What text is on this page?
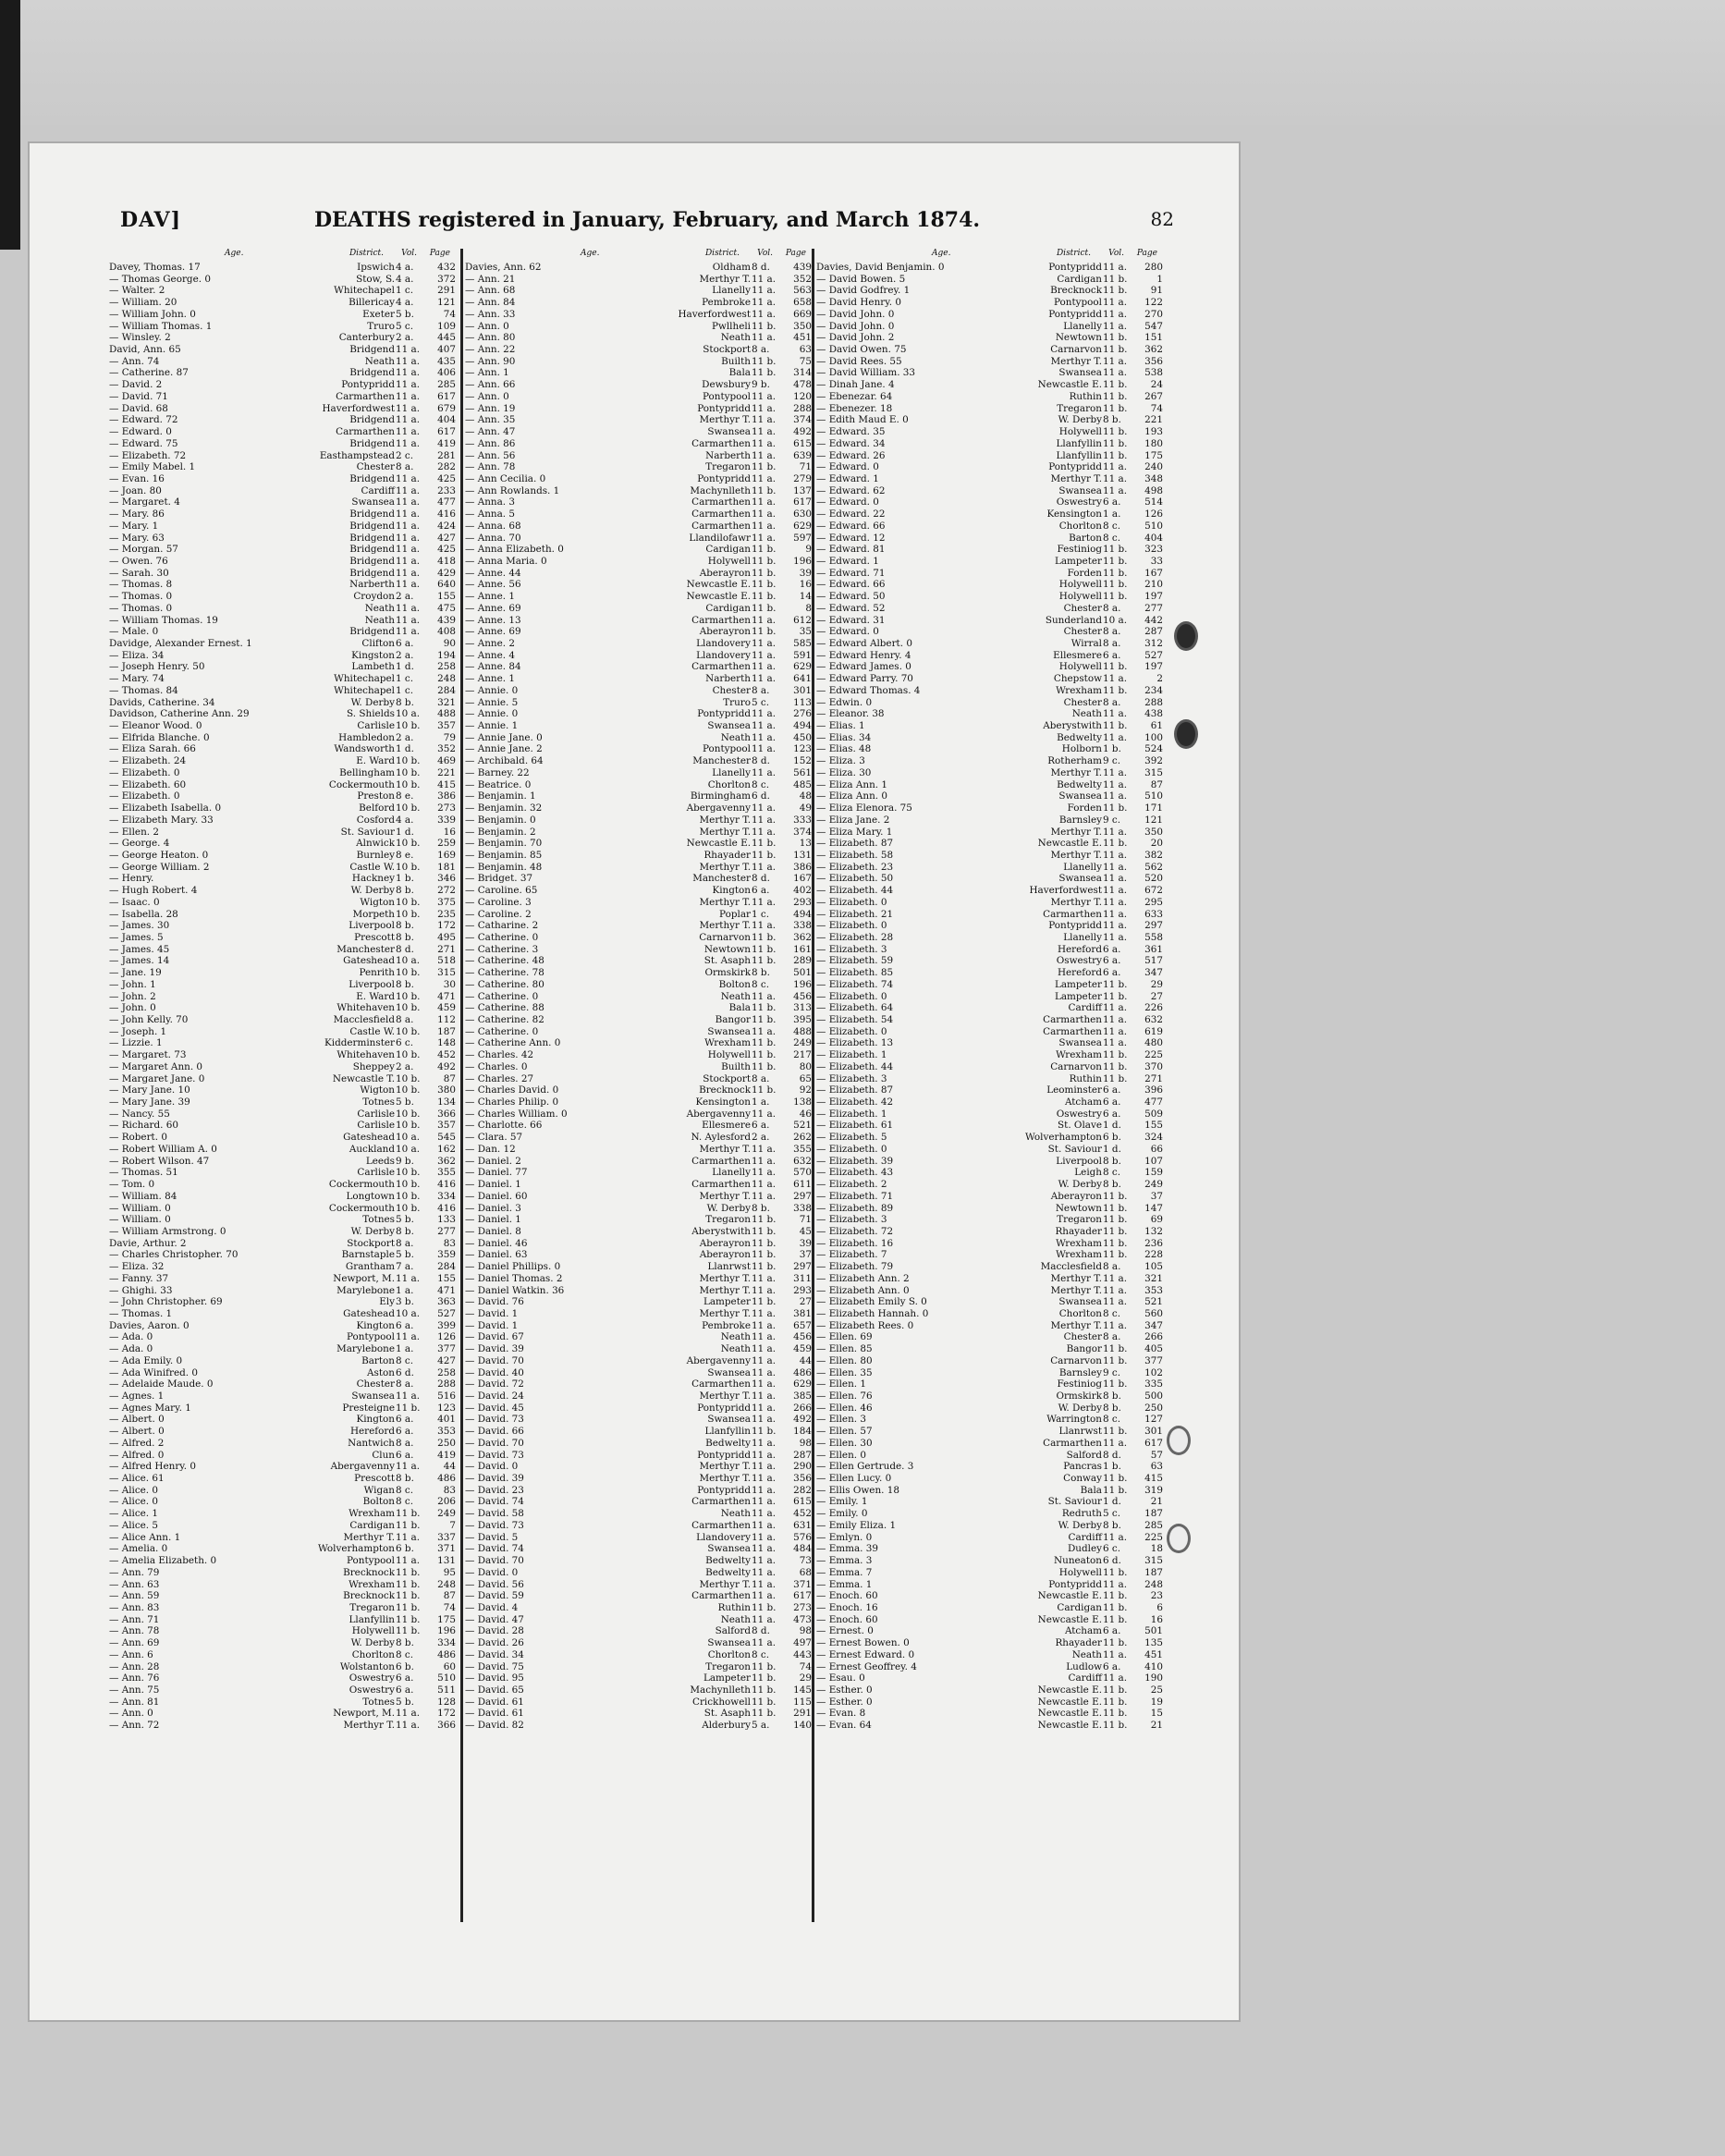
DAV]	DEATHS registered in January, February, and March 1874.	82
Age.	District. Vol. Page
Davey, Thomas. 17	Ipswich 4 a.	432
— Thomas George. 0	Stow, S. 4 a.	372
— Walter. 2	Whitechapel 1 c.	291
— William. 20	Billericay 4 a.	121
— William John. 0	Exeter 5 b.	74
— William Thomas. 1	Truro 5 c.	109
— Winsley. 2	Canterbury 2 a.	445
David, Ann. 65	Bridgend 11 a.	407
— Ann. 74	Neath 11 a.	435
— Catherine. 87	Bridgend 11 a.	406
— David. 2	Pontypridd 11 a.	285
— David. 71	Carmarthen 11 a.	617
— David. 68	Haverfordwest 11 a.	679
— Edward. 72	Bridgend 11 a.	404
— Edward. 0	Carmarthen 11 a.	617
— Edward. 75	Bridgend 11 a.	419
— Elizabeth. 72	Easthampstead 2 c.	281
— Emily Mabel. 1	Chester 8 a.	282
— Evan. 16	Bridgend 11 a.	425
— Joan. 80	Cardiff 11 a.	233
— Margaret. 4	Swansea 11 a.	477
— Mary. 86	Bridgend 11 a.	416
— Mary. 1	Bridgend 11 a.	424
— Mary. 63	Bridgend 11 a.	427
— Morgan. 57	Bridgend 11 a.	425
— Owen. 76	Bridgend 11 a.	418
— Sarah. 30	Bridgend 11 a.	429
— Thomas. 8	Narberth 11 a.	640
— Thomas. 0	Croydon 2 a.	155
— Thomas. 0	Neath 11 a.	475
— William Thomas. 19	Neath 11 a.	439
— Male. 0	Bridgend 11 a.	408
Davidge, Alexander Ernest. 1	Clifton 6 a.	90
— Eliza. 34	Kingston 2 a.	194
— Joseph Henry. 50	Lambeth 1 d.	258
— Mary. 74	Whitechapel 1 c.	248
— Thomas. 84	Whitechapel 1 c.	284
Davids, Catherine. 34	W. Derby 8 b.	321
Davidson, Catherine Ann. 29	S. Shields 10 a.	488
— Eleanor Wood. 0	Carlisle 10 b.	357
— Elfrida Blanche. 0	Hambledon 2 a.	79
— Eliza Sarah. 66	Wandsworth 1 d.	352
— Elizabeth. 24	E. Ward 10 b.	469
— Elizabeth. 0	Bellingham 10 b.	221
— Elizabeth. 60	Cockermouth 10 b.	415
— Elizabeth. 0	Preston 8 e.	386
— Elizabeth Isabella. 0	Belford 10 b.	273
— Elizabeth Mary. 33	Cosford 4 a.	339
— Ellen. 2	St. Saviour 1 d.	16
— George. 4	Alnwick 10 b.	259
— George Heaton. 0	Burnley 8 e.	169
— George William. 2	Castle W. 10 b.	181
— Henry.	Hackney 1 b.	346
— Hugh Robert. 4	W. Derby 8 b.	272
— Isaac. 0	Wigton 10 b.	375
— Isabella. 28	Morpeth 10 b.	235
— James. 30	Liverpool 8 b.	172
— James. 5	Prescott 8 b.	495
— James. 45	Manchester 8 d.	271
— James. 14	Gateshead 10 a.	518
— Jane. 19	Penrith 10 b.	315
— John. 1	Liverpool 8 b.	30
— John. 2	E. Ward 10 b.	471
— John. 0	Whitehaven 10 b.	459
— John Kelly. 70	Macclesfield 8 a.	112
— Joseph. 1	Castle W. 10 b.	187
— Lizzie. 1	Kidderminster 6 c.	148
— Margaret. 73	Whitehaven 10 b.	452
— Margaret Ann. 0	Sheppey 2 a.	492
— Margaret Jane. 0	Newcastle T. 10 b.	87
— Mary Jane. 10	Wigton 10 b.	380
— Mary Jane. 39	Totnes 5 b.	134
— Nancy. 55	Carlisle 10 b.	366
— Richard. 60	Carlisle 10 b.	357
— Robert. 0	Gateshead 10 a.	545
— Robert William A. 0	Auckland 10 a.	162
— Robert Wilson. 47	Leeds 9 b.	362
— Thomas. 51	Carlisle 10 b.	355
— Tom. 0	Cockermouth 10 b.	416
— William. 84	Longtown 10 b.	334
— William. 0	Cockermouth 10 b.	416
— William. 0	Totnes 5 b.	133
— William Armstrong. 0	W. Derby 8 b.	277
Davie, Arthur. 2	Stockport 8 a.	83
— Charles Christopher. 70	Barnstaple 5 b.	359
— Eliza. 32	Grantham 7 a.	284
— Fanny. 37	Newport, M. 11 a.	155
— Ghighi. 33	Marylebone 1 a.	471
— John Christopher. 69	Ely 3 b.	363
— Thomas. 1	Gateshead 10 a.	527
Davies, Aaron. 0	Kington 6 a.	399
— Ada. 0	Pontypool 11 a.	126
— Ada. 0	Marylebone 1 a.	377
— Ada Emily. 0	Barton 8 c.	427
— Ada Winifred. 0	Aston 6 d.	258
— Adelaide Maude. 0	Chester 8 a.	288
— Agnes. 1	Swansea 11 a.	516
— Agnes Mary. 1	Presteigne 11 b.	123
— Albert. 0	Kington 6 a.	401
— Albert. 0	Hereford 6 a.	353
— Alfred. 2	Nantwich 8 a.	250
— Alfred. 0	Clun 6 a.	419
— Alfred Henry. 0	Abergavenny 11 a.	44
— Alice. 61	Prescott 8 b.	486
— Alice. 0	Wigan 8 c.	83
— Alice. 0	Bolton 8 c.	206
— Alice. 1	Wrexham 11 b.	249
— Alice. 5	Cardigan 11 b.	7
— Alice Ann. 1	Merthyr T. 11 a.	337
— Amelia. 0	Wolverhampton 6 b.	371
— Amelia Elizabeth. 0	Pontypool 11 a.	131
— Ann. 79	Brecknock 11 b.	95
— Ann. 63	Wrexham 11 b.	248
— Ann. 59	Brecknock 11 b.	87
— Ann. 83	Tregaron 11 b.	74
— Ann. 71	Llanfyllin 11 b.	175
— Ann. 78	Holywell 11 b.	196
— Ann. 69	W. Derby 8 b.	334
— Ann. 6	Chorlton 8 c.	486
— Ann. 28	Wolstanton 6 b.	60
— Ann. 76	Oswestry 6 a.	510
— Ann. 75	Oswestry 6 a.	511
— Ann. 81	Totnes 5 b.	128
— Ann. 0	Newport, M. 11 a.	172
— Ann. 72	Merthyr T. 11 a.	366
Age.	District. Vol. Page
Davies, Ann. 62	Oldham 8 d.	439
— Ann. 21	Merthyr T. 11 a.	352
— Ann. 68	Llanelly 11 a.	563
— Ann. 84	Pembroke 11 a.	658
— Ann. 33	Haverfordwest 11 a.	669
— Ann. 0	Pwllheli 11 b.	350
— Ann. 80	Neath 11 a.	451
— Ann. 22	Stockport 8 a.	63
— Ann. 90	Builth 11 b.	75
— Ann. 1	Bala 11 b.	314
— Ann. 66	Dewsbury 9 b.	478
— Ann. 0	Pontypool 11 a.	120
— Ann. 19	Pontypridd 11 a.	288
— Ann. 35	Merthyr T. 11 a.	374
— Ann. 47	Swansea 11 a.	492
— Ann. 86	Carmarthen 11 a.	615
— Ann. 56	Narberth 11 a.	639
— Ann. 78	Tregaron 11 b.	71
— Ann Cecilia. 0	Pontypridd 11 a.	279
— Ann Rowlands. 1	Machynlleth 11 b.	137
— Anna. 3	Carmarthen 11 a.	617
— Anna. 5	Carmarthen 11 a.	630
— Anna. 68	Carmarthen 11 a.	629
— Anna. 70	Llandilofawr 11 a.	597
— Anna Elizabeth. 0	Cardigan 11 b.	9
— Anna Maria. 0	Holywell 11 b.	196
— Anne. 44	Aberayron 11 b.	39
— Anne. 56	Newcastle E. 11 b.	16
— Anne. 1	Newcastle E. 11 b.	14
— Anne. 69	Cardigan 11 b.	8
— Anne. 13	Carmarthen 11 a.	612
— Anne. 69	Aberayron 11 b.	35
— Anne. 2	Llandovery 11 a.	585
— Anne. 4	Llandovery 11 a.	591
— Anne. 84	Carmarthen 11 a.	629
— Anne. 1	Narberth 11 a.	641
— Annie. 0	Chester 8 a.	301
— Annie. 5	Truro 5 c.	113
— Annie. 0	Pontypridd 11 a.	276
— Annie. 1	Swansea 11 a.	494
— Annie Jane. 0	Neath 11 a.	450
— Annie Jane. 2	Pontypool 11 a.	123
— Archibald. 64	Manchester 8 d.	152
— Barney. 22	Llanelly 11 a.	561
— Beatrice. 0	Chorlton 8 c.	485
— Benjamin. 1	Birmingham 6 d.	48
— Benjamin. 32	Abergavenny 11 a.	49
— Benjamin. 0	Merthyr T. 11 a.	333
— Benjamin. 2	Merthyr T. 11 a.	374
— Benjamin. 70	Newcastle E. 11 b.	13
— Benjamin. 85	Rhayader 11 b.	131
— Benjamin. 48	Merthyr T. 11 a.	386
— Bridget. 37	Manchester 8 d.	167
— Caroline. 65	Kington 6 a.	402
— Caroline. 3	Merthyr T. 11 a.	293
— Caroline. 2	Poplar 1 c.	494
— Catharine. 2	Merthyr T. 11 a.	338
— Catherine. 0	Carnarvon 11 b.	362
— Catherine. 3	Newtown 11 b.	161
— Catherine. 48	St. Asaph 11 b.	289
— Catherine. 78	Ormskirk 8 b.	501
— Catherine. 80	Bolton 8 c.	196
— Catherine. 0	Neath 11 a.	456
— Catherine. 88	Bala 11 b.	313
— Catherine. 82	Bangor 11 b.	395
— Catherine. 0	Swansea 11 a.	488
— Catherine Ann. 0	Wrexham 11 b.	249
— Charles. 42	Holywell 11 b.	217
— Charles. 0	Builth 11 b.	80
— Charles. 27	Stockport 8 a.	65
— Charles David. 0	Brecknock 11 b.	92
— Charles Philip. 0	Kensington 1 a.	138
— Charles William. 0	Abergavenny 11 a.	46
— Charlotte. 66	Ellesmere 6 a.	521
— Clara. 57	N. Aylesford 2 a.	262
— Dan. 12	Merthyr T. 11 a.	355
— Daniel. 2	Carmarthen 11 a.	632
— Daniel. 77	Llanelly 11 a.	570
— Daniel. 1	Carmarthen 11 a.	611
— Daniel. 60	Merthyr T. 11 a.	297
— Daniel. 3	W. Derby 8 b.	338
— Daniel. 1	Tregaron 11 b.	71
— Daniel. 8	Aberystwith 11 b.	45
— Daniel. 46	Aberayron 11 b.	39
— Daniel. 63	Aberayron 11 b.	37
— Daniel Phillips. 0	Llanrwst 11 b.	297
— Daniel Thomas. 2	Merthyr T. 11 a.	311
— Daniel Watkin. 36	Merthyr T. 11 a.	293
— David. 76	Lampeter 11 b.	27
— David. 1	Merthyr T. 11 a.	381
— David. 1	Pembroke 11 a.	657
— David. 67	Neath 11 a.	456
— David. 39	Neath 11 a.	459
— David. 70	Abergavenny 11 a.	44
— David. 40	Swansea 11 a.	486
— David. 72	Carmarthen 11 a.	629
— David. 24	Merthyr T. 11 a.	385
— David. 45	Pontypridd 11 a.	266
— David. 73	Swansea 11 a.	492
— David. 66	Llanfyllin 11 b.	184
— David. 70	Bedwelty 11 a.	98
— David. 73	Pontypridd 11 a.	287
— David. 0	Merthyr T. 11 a.	290
— David. 39	Merthyr T. 11 a.	356
— David. 23	Pontypridd 11 a.	282
— David. 74	Carmarthen 11 a.	615
— David. 58	Neath 11 a.	452
— David. 73	Carmarthen 11 a.	631
— David. 5	Llandovery 11 a.	576
— David. 74	Swansea 11 a.	484
— David. 70	Bedwelty 11 a.	73
— David. 0	Bedwelty 11 a.	68
— David. 56	Merthyr T. 11 a.	371
— David. 59	Carmarthen 11 a.	617
— David. 4	Ruthin 11 b.	273
— David. 47	Neath 11 a.	473
— David. 28	Salford 8 d.	98
— David. 26	Swansea 11 a.	497
— David. 34	Chorlton 8 c.	443
— David. 75	Tregaron 11 b.	74
— David. 95	Lampeter 11 b.	29
— David. 65	Machynlleth 11 b.	145
— David. 61	Crickhowell 11 b.	115
— David. 61	St. Asaph 11 b.	291
— David. 82	Alderbury 5 a.	140
Age.	District. Vol. Page
Davies, David Benjamin. 0	Pontypridd 11 a.	280
— David Bowen. 5	Cardigan 11 b.	1
— David Godfrey. 1	Brecknock 11 b.	91
— David Henry. 0	Pontypool 11 a.	122
— David John. 0	Pontypridd 11 a.	270
— David John. 0	Llanelly 11 a.	547
— David John. 2	Newtown 11 b.	151
— David Owen. 75	Carnarvon 11 b.	362
— David Rees. 55	Merthyr T. 11 a.	356
— David William. 33	Swansea 11 a.	538
— Dinah Jane. 4	Newcastle E. 11 b.	24
— Ebenezar. 64	Ruthin 11 b.	267
— Ebenezer. 18	Tregaron 11 b.	74
— Edith Maud E. 0	W. Derby 8 b.	221
— Edward. 35	Holywell 11 b.	193
— Edward. 34	Llanfyllin 11 b.	180
— Edward. 26	Llanfyllin 11 b.	175
— Edward. 0	Pontypridd 11 a.	240
— Edward. 1	Merthyr T. 11 a.	348
— Edward. 62	Swansea 11 a.	498
— Edward. 0	Oswestry 6 a.	514
— Edward. 22	Kensington 1 a.	126
— Edward. 66	Chorlton 8 c.	510
— Edward. 12	Barton 8 c.	404
— Edward. 81	Festiniog 11 b.	323
— Edward. 1	Lampeter 11 b.	33
— Edward. 71	Forden 11 b.	167
— Edward. 66	Holywell 11 b.	210
— Edward. 50	Holywell 11 b.	197
— Edward. 52	Chester 8 a.	277
— Edward. 31	Sunderland 10 a.	442
— Edward. 0	Chester 8 a.	287
— Edward Albert. 0	Wirral 8 a.	312
— Edward Henry. 4	Ellesmere 6 a.	527
— Edward James. 0	Holywell 11 b.	197
— Edward Parry. 70	Chepstow 11 a.	2
— Edward Thomas. 4	Wrexham 11 b.	234
— Edwin. 0	Chester 8 a.	288
— Eleanor. 38	Neath 11 a.	438
— Elias. 1	Aberystwith 11 b.	61
— Elias. 34	Bedwelty 11 a.	100
— Elias. 48	Holborn 1 b.	524
— Eliza. 3	Rotherham 9 c.	392
— Eliza. 30	Merthyr T. 11 a.	315
— Eliza Ann. 1	Bedwelty 11 a.	87
— Eliza Ann. 0	Swansea 11 a.	510
— Eliza Elenora. 75	Forden 11 b.	171
— Eliza Jane. 2	Barnsley 9 c.	121
— Eliza Mary. 1	Merthyr T. 11 a.	350
— Elizabeth. 87	Newcastle E. 11 b.	20
— Elizabeth. 58	Merthyr T. 11 a.	382
— Elizabeth. 23	Llanelly 11 a.	562
— Elizabeth. 50	Swansea 11 a.	520
— Elizabeth. 44	Haverfordwest 11 a.	672
— Elizabeth. 0	Merthyr T. 11 a.	295
— Elizabeth. 21	Carmarthen 11 a.	633
— Elizabeth. 0	Pontypridd 11 a.	297
— Elizabeth. 28	Llanelly 11 a.	558
— Elizabeth. 3	Hereford 6 a.	361
— Elizabeth. 59	Oswestry 6 a.	517
— Elizabeth. 85	Hereford 6 a.	347
— Elizabeth. 74	Lampeter 11 b.	29
— Elizabeth. 0	Lampeter 11 b.	27
— Elizabeth. 64	Cardiff 11 a.	226
— Elizabeth. 54	Carmarthen 11 a.	632
— Elizabeth. 0	Carmarthen 11 a.	619
— Elizabeth. 13	Swansea 11 a.	480
— Elizabeth. 1	Wrexham 11 b.	225
— Elizabeth. 44	Carnarvon 11 b.	370
— Elizabeth. 3	Ruthin 11 b.	271
— Elizabeth. 87	Leominster 6 a.	396
— Elizabeth. 42	Atcham 6 a.	477
— Elizabeth. 1	Oswestry 6 a.	509
— Elizabeth. 61	St. Olave 1 d.	155
— Elizabeth. 5	Wolverhampton 6 b.	324
— Elizabeth. 0	St. Saviour 1 d.	66
— Elizabeth. 39	Liverpool 8 b.	107
— Elizabeth. 43	Leigh 8 c.	159
— Elizabeth. 2	W. Derby 8 b.	249
— Elizabeth. 71	Aberayron 11 b.	37
— Elizabeth. 89	Newtown 11 b.	147
— Elizabeth. 3	Tregaron 11 b.	69
— Elizabeth. 72	Rhayader 11 b.	132
— Elizabeth. 16	Wrexham 11 b.	236
— Elizabeth. 7	Wrexham 11 b.	228
— Elizabeth. 79	Macclesfield 8 a.	105
— Elizabeth Ann. 2	Merthyr T. 11 a.	321
— Elizabeth Ann. 0	Merthyr T. 11 a.	353
— Elizabeth Emily S. 0	Swansea 11 a.	521
— Elizabeth Hannah. 0	Chorlton 8 c.	560
— Elizabeth Rees. 0	Merthyr T. 11 a.	347
— Ellen. 69	Chester 8 a.	266
— Ellen. 85	Bangor 11 b.	405
— Ellen. 80	Carnarvon 11 b.	377
— Ellen. 35	Barnsley 9 c.	102
— Ellen. 1	Festiniog 11 b.	335
— Ellen. 76	Ormskirk 8 b.	500
— Ellen. 46	W. Derby 8 b.	250
— Ellen. 3	Warrington 8 c.	127
— Ellen. 57	Llanrwst 11 b.	301
— Ellen. 30	Carmarthen 11 a.	617
— Ellen. 0	Salford 8 d.	57
— Ellen Gertrude. 3	Pancras 1 b.	63
— Ellen Lucy. 0	Conway 11 b.	415
— Ellis Owen. 18	Bala 11 b.	319
— Emily. 1	St. Saviour 1 d.	21
— Emily. 0	Redruth 5 c.	187
— Emily Eliza. 1	W. Derby 8 b.	285
— Emlyn. 0	Cardiff 11 a.	225
— Emma. 39	Dudley 6 c.	18
— Emma. 3	Nuneaton 6 d.	315
— Emma. 7	Holywell 11 b.	187
— Emma. 1	Pontypridd 11 a.	248
— Enoch. 60	Newcastle E. 11 b.	23
— Enoch. 16	Cardigan 11 b.	6
— Enoch. 60	Newcastle E. 11 b.	16
— Ernest. 0	Atcham 6 a.	501
— Ernest Bowen. 0	Rhayader 11 b.	135
— Ernest Edward. 0	Neath 11 a.	451
— Ernest Geoffrey. 4	Ludlow 6 a.	410
— Esau. 0	Cardiff 11 a.	190
— Esther. 0	Newcastle E. 11 b.	25
— Esther. 0	Newcastle E. 11 b.	19
— Evan. 8	Newcastle E. 11 b.	15
— Evan. 64	Newcastle E. 11 b.	21
